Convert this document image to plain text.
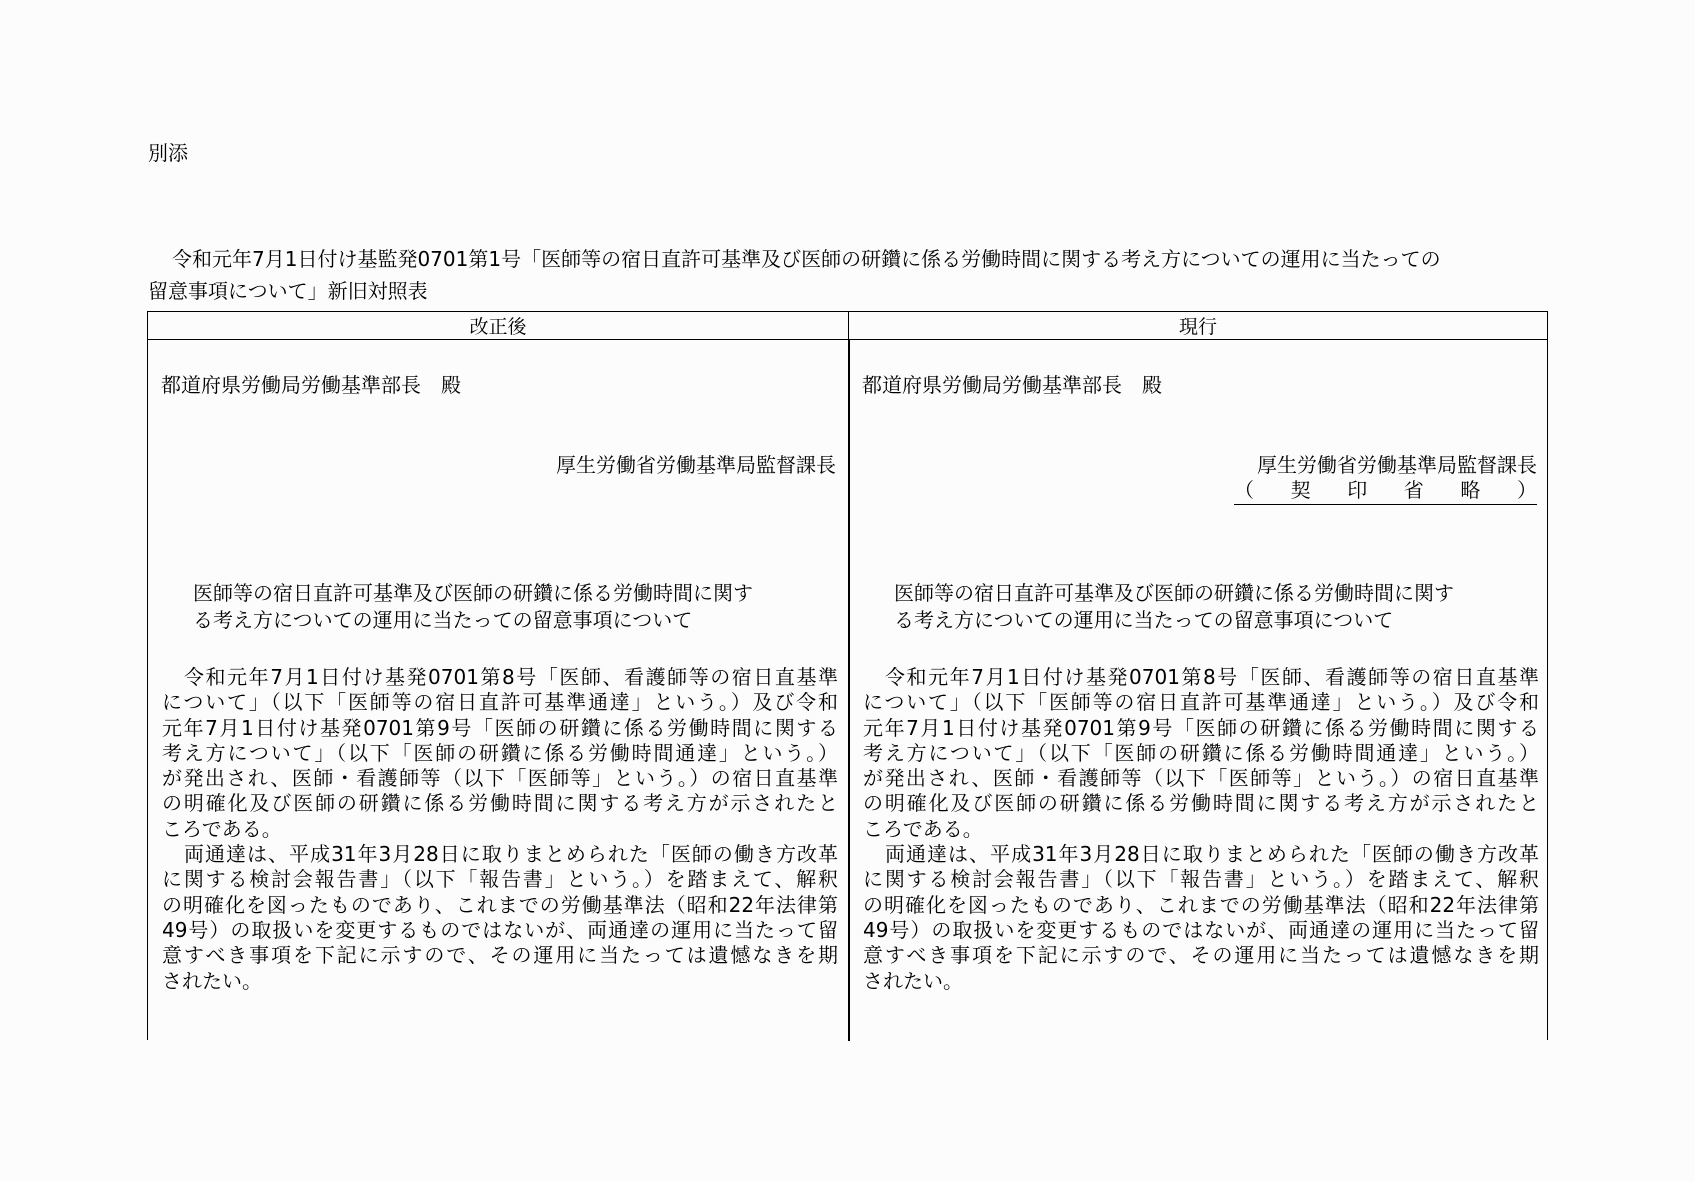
別添
令和元年7月1日付け基監発0701第1号「医師等の宿日直許可基準及び医師の研鑽に係る労働時間に関する考え方についての運用に当たっての
留意事項について」新旧対照表
改正後	現行
都道府県労働局労働基準部長　殿
厚生労働省労働基準局監督課長
医師等の宿日直許可基準及び医師の研鑽に係る労働時間に関す
る考え方についての運用に当たっての留意事項について
令和元年7月1日付け基発0701第8号「医師、看護師等の宿日直基準
について」（以下「医師等の宿日直許可基準通達」という。）及び令和
元年7月1日付け基発0701第9号「医師の研鑽に係る労働時間に関する
考え方について」（以下「医師の研鑽に係る労働時間通達」という。）
が発出され、医師・看護師等（以下「医師等」という。）の宿日直基準
の明確化及び医師の研鑽に係る労働時間に関する考え方が示されたと
ころである。
両通達は、平成31年3月28日に取りまとめられた「医師の働き方改革
に関する検討会報告書」（以下「報告書」という。）を踏まえて、解釈
の明確化を図ったものであり、これまでの労働基準法（昭和22年法律第
49号）の取扱いを変更するものではないが、両通達の運用に当たって留
意すべき事項を下記に示すので、その運用に当たっては遺憾なきを期
されたい。
都道府県労働局労働基準部長　殿
厚生労働省労働基準局監督課長
（ 契 印 省 略 ）
医師等の宿日直許可基準及び医師の研鑽に係る労働時間に関す
る考え方についての運用に当たっての留意事項について
令和元年7月1日付け基発0701第8号「医師、看護師等の宿日直基準
について」（以下「医師等の宿日直許可基準通達」という。）及び令和
元年7月1日付け基発0701第9号「医師の研鑽に係る労働時間に関する
考え方について」（以下「医師の研鑽に係る労働時間通達」という。）
が発出され、医師・看護師等（以下「医師等」という。）の宿日直基準
の明確化及び医師の研鑽に係る労働時間に関する考え方が示されたと
ころである。
両通達は、平成31年3月28日に取りまとめられた「医師の働き方改革
に関する検討会報告書」（以下「報告書」という。）を踏まえて、解釈
の明確化を図ったものであり、これまでの労働基準法（昭和22年法律第
49号）の取扱いを変更するものではないが、両通達の運用に当たって留
意すべき事項を下記に示すので、その運用に当たっては遺憾なきを期
されたい。
